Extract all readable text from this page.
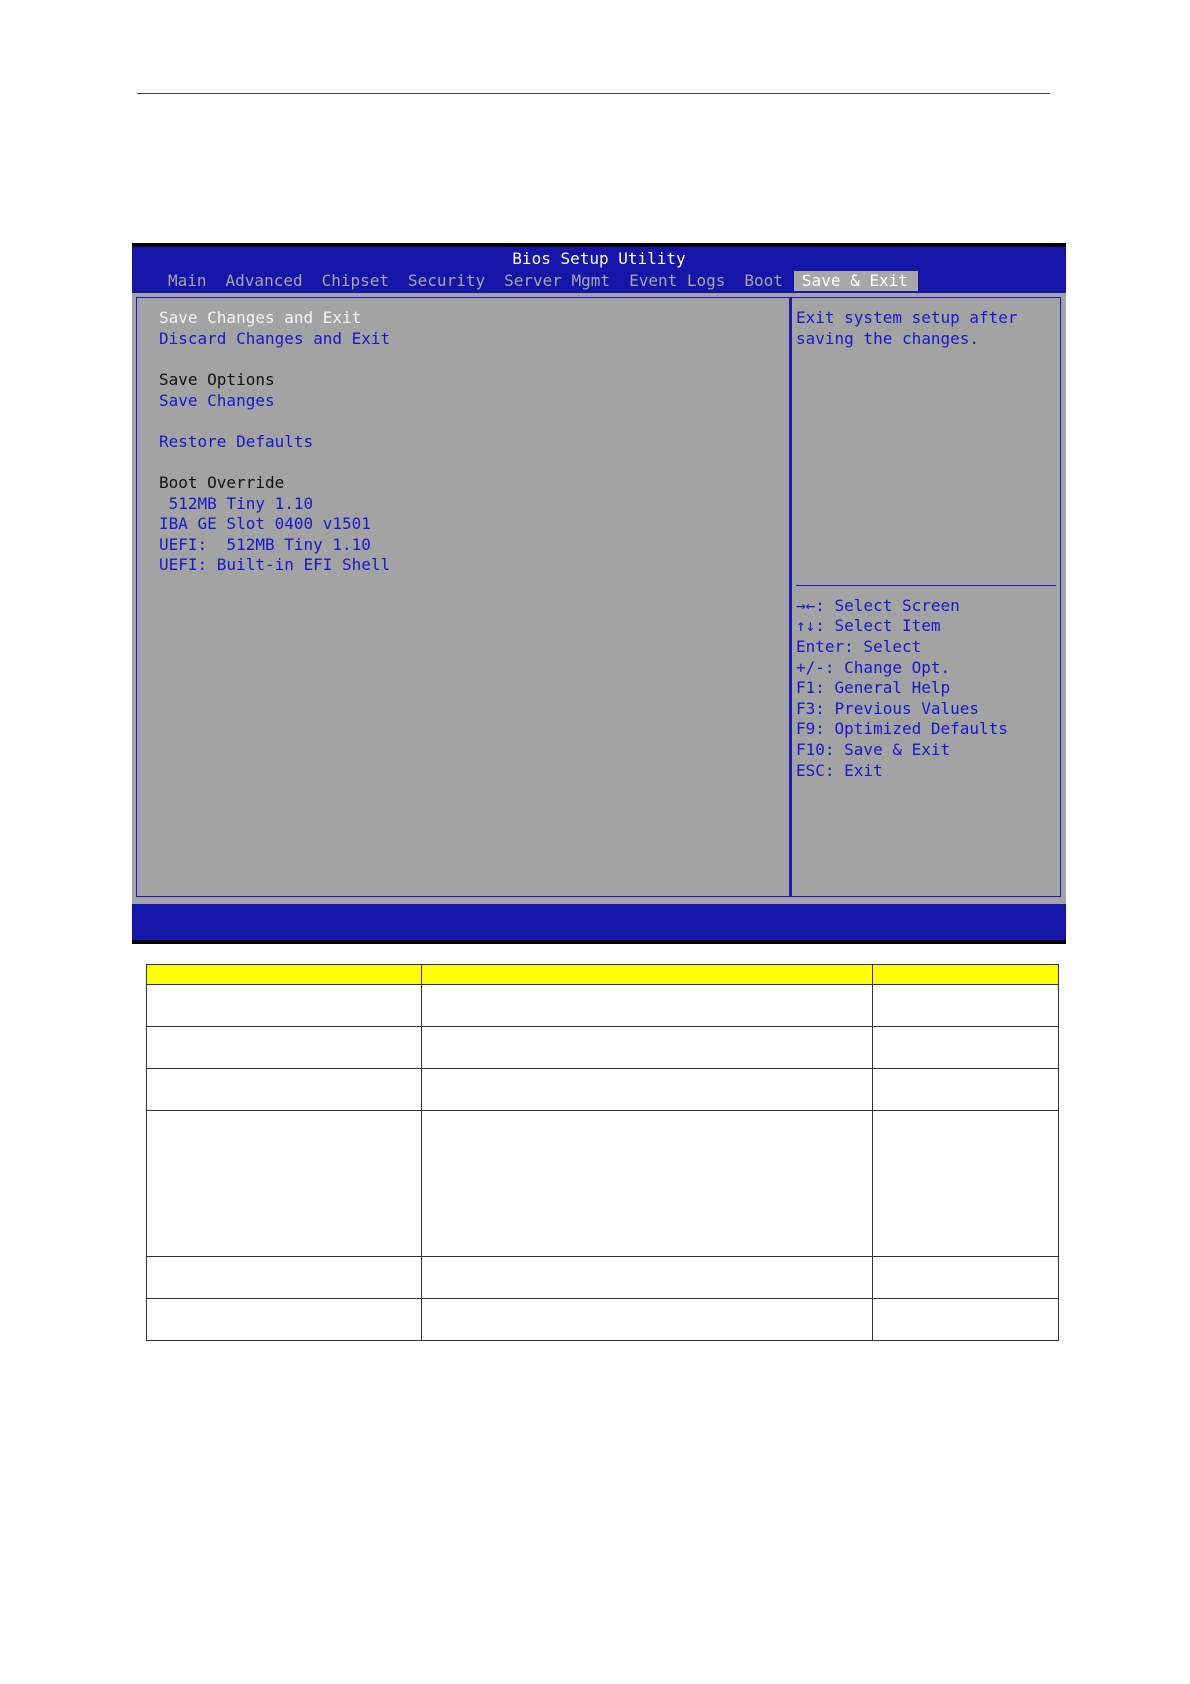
Bios Setup Utility
Main	Advanced	Chipset	Security	Server Mgmt	Event Logs	Boot	Save & Exit
Save Changes and Exit
Discard Changes and Exit
Save Options
Save Changes
Restore Defaults
Boot Override
512MB Tiny 1.10
IBA GE Slot 0400 v1501
UEFI:  512MB Tiny 1.10
UEFI: Built-in EFI Shell
Exit system setup after
saving the changes.
→←: Select Screen
↑↓: Select Item
Enter: Select
+/-: Change Opt.
F1: General Help
F3: Previous Values
F9: Optimized Defaults
F10: Save & Exit
ESC: Exit
